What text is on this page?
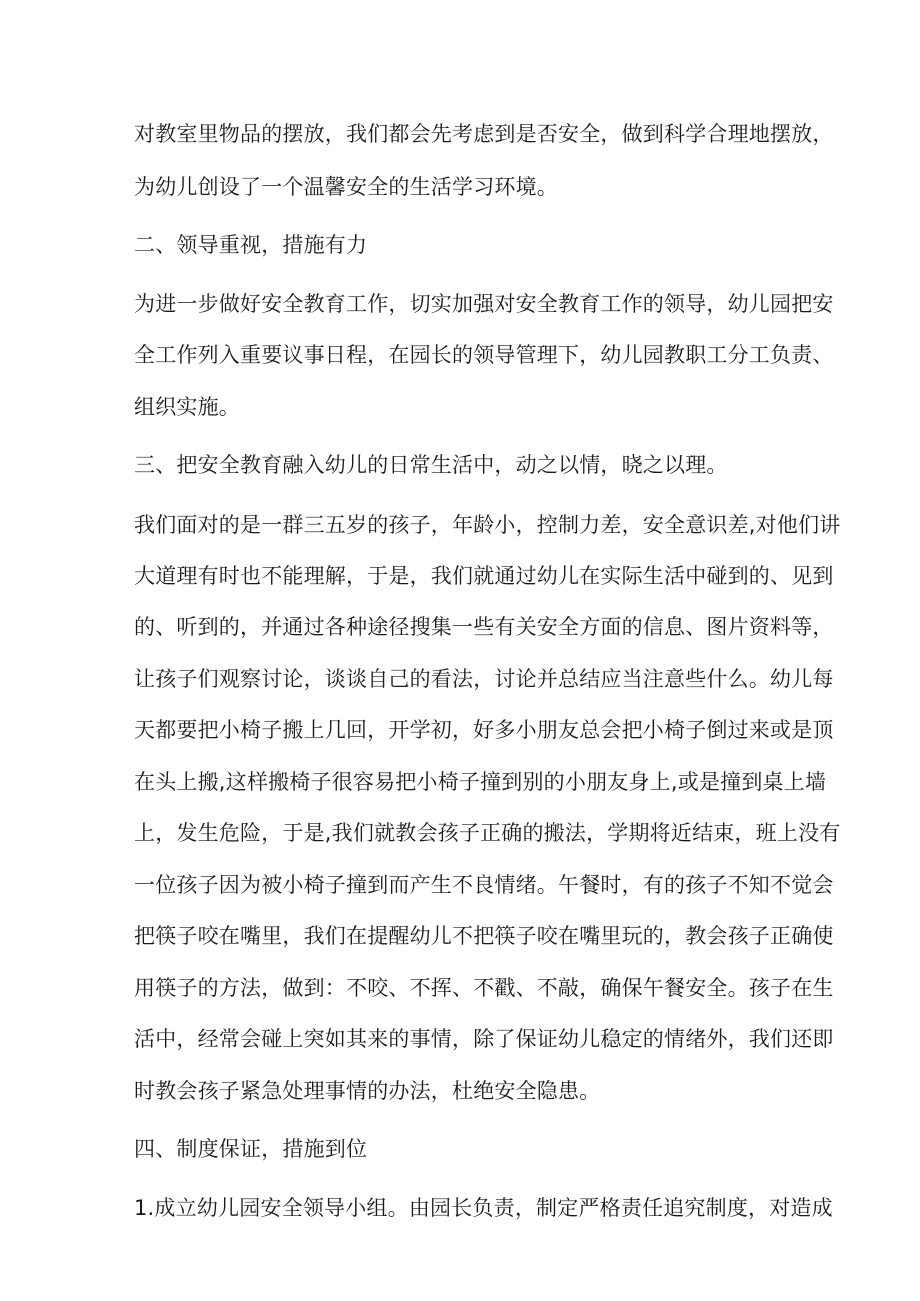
对教室里物品的摆放，我们都会先考虑到是否安全，做到科学合理地摆放，
为幼儿创设了一个温馨安全的生活学习环境。
二、领导重视，措施有力
为进一步做好安全教育工作，切实加强对安全教育工作的领导，幼儿园把安
全工作列入重要议事日程，在园长的领导管理下，幼儿园教职工分工负责、
组织实施。
三、把安全教育融入幼儿的日常生活中，动之以情，晓之以理。
我们面对的是一群三五岁的孩子，年龄小，控制力差，安全意识差,对他们讲
大道理有时也不能理解，于是，我们就通过幼儿在实际生活中碰到的、见到
的、听到的，并通过各种途径搜集一些有关安全方面的信息、图片资料等，
让孩子们观察讨论，谈谈自己的看法，讨论并总结应当注意些什么。幼儿每
天都要把小椅子搬上几回，开学初，好多小朋友总会把小椅子倒过来或是顶
在头上搬,这样搬椅子很容易把小椅子撞到别的小朋友身上,或是撞到桌上墙
上，发生危险，于是,我们就教会孩子正确的搬法，学期将近结束，班上没有
一位孩子因为被小椅子撞到而产生不良情绪。午餐时，有的孩子不知不觉会
把筷子咬在嘴里，我们在提醒幼儿不把筷子咬在嘴里玩的，教会孩子正确使
用筷子的方法，做到：不咬、不挥、不戳、不敲，确保午餐安全。孩子在生
活中，经常会碰上突如其来的事情，除了保证幼儿稳定的情绪外，我们还即
时教会孩子紧急处理事情的办法，杜绝安全隐患。
四、制度保证，措施到位
1.成立幼儿园安全领导小组。由园长负责，制定严格责任追究制度，对造成
